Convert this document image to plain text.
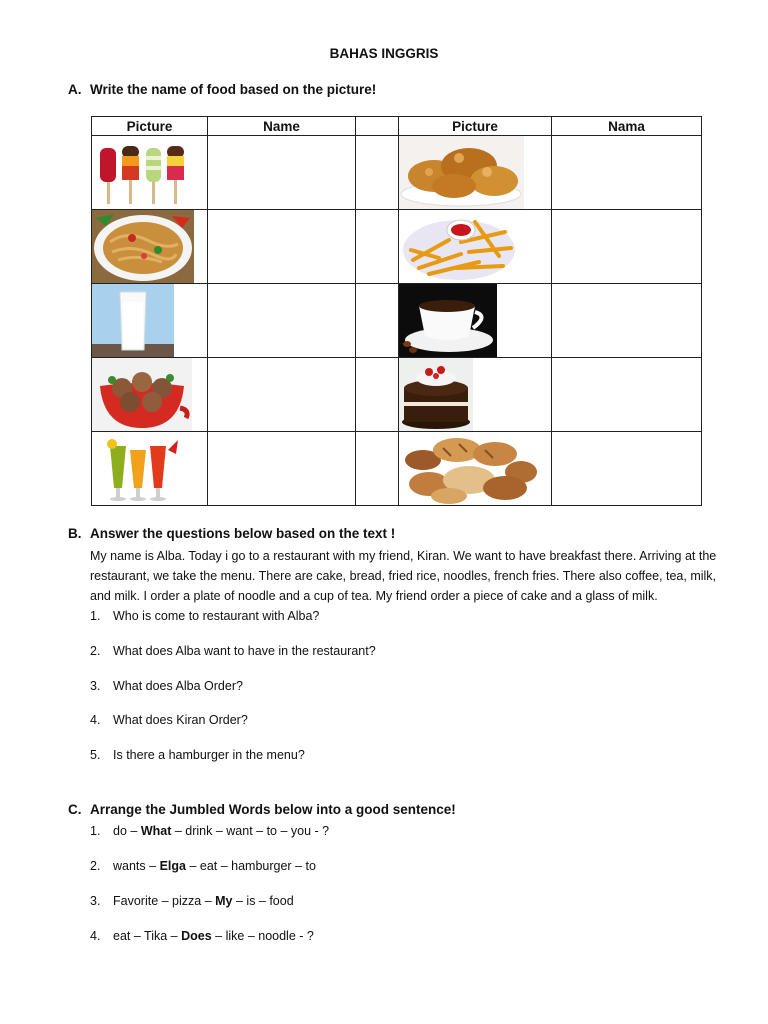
BAHAS INGGRIS
A. Write the name of food based on the picture!
Picture	Name		Picture	Nama

B. Answer the questions below based on the text !
My name is Alba. Today i go to a restaurant with my friend, Kiran. We want to have breakfast there. Arriving at the restaurant, we take the menu. There are cake, bread, fried rice, noodles, french fries. There also coffee, tea, milk, and milk. I order a plate of noodle and a cup of tea. My friend order a piece of cake and a glass of milk.
1. Who is come to restaurant with Alba?
2. What does Alba want to have in the restaurant?
3. What does Alba Order?
4. What does Kiran Order?
5. Is there a hamburger in the menu?
C. Arrange the Jumbled Words below into a good sentence!
1. do – What – drink – want – to – you - ?
2. wants – Elga – eat – hamburger – to
3. Favorite – pizza – My – is – food
4. eat – Tika – Does – like – noodle - ?
